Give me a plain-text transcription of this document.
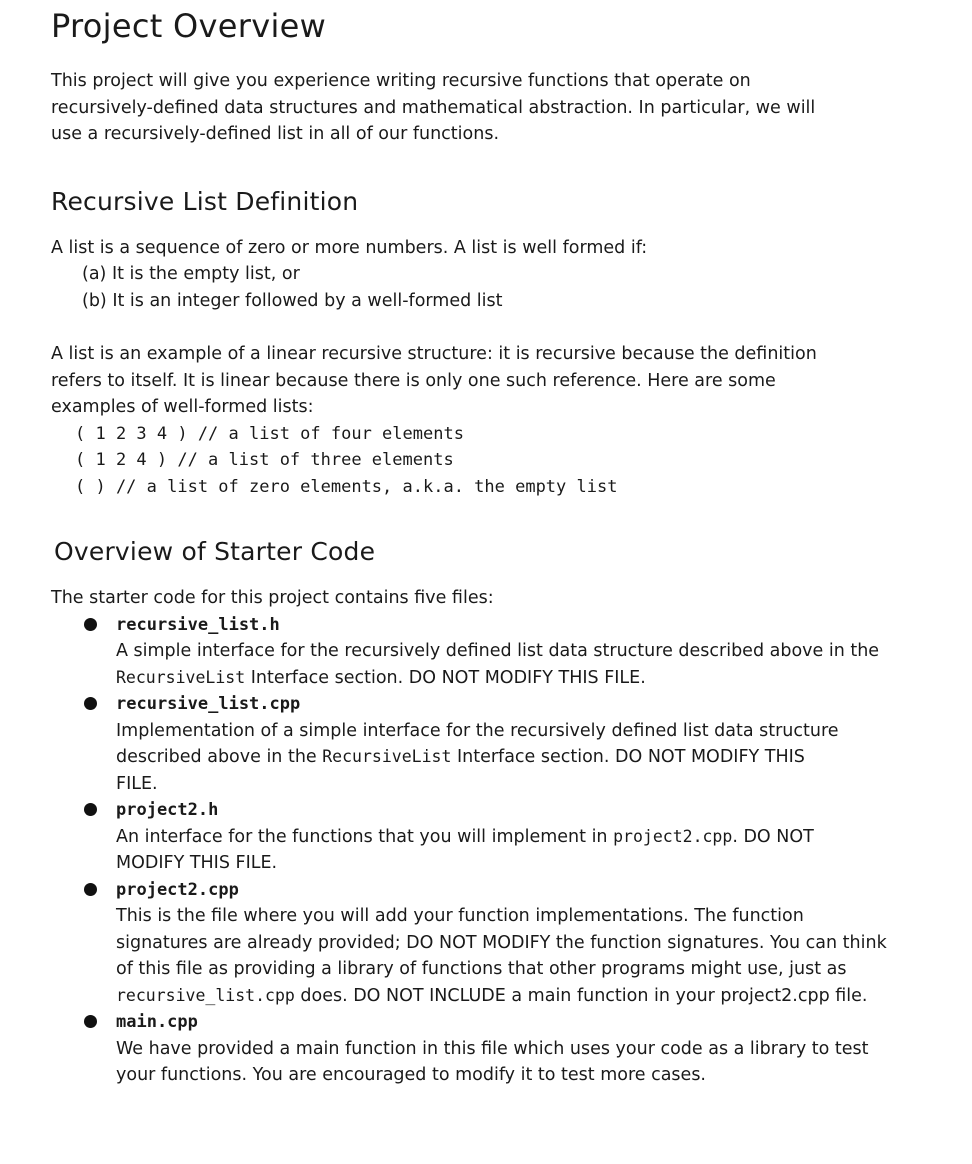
Project Overview

This project will give you experience writing recursive functions that operate on recursively-defined data structures and mathematical abstraction. In particular, we will use a recursively-defined list in all of our functions.

Recursive List Definition

A list is a sequence of zero or more numbers. A list is well formed if:

(a) It is the empty list, or
(b) It is an integer followed by a well-formed list

A list is an example of a linear recursive structure: it is recursive because the definition refers to itself. It is linear because there is only one such reference. Here are some examples of well-formed lists:

( 1 2 3 4 ) // a list of four elements
( 1 2 4 ) // a list of three elements
( ) // a list of zero elements, a.k.a. the empty list
Overview of Starter Code

The starter code for this project contains five files:

recursive_list.h
A simple interface for the recursively defined list data structure described above in the RecursiveList Interface section. DO NOT MODIFY THIS FILE.
recursive_list.cpp
Implementation of a simple interface for the recursively defined list data structure described above in the RecursiveList Interface section. DO NOT MODIFY THIS FILE.
project2.h
An interface for the functions that you will implement in project2.cpp. DO NOT MODIFY THIS FILE.
project2.cpp
This is the file where you will add your function implementations. The function signatures are already provided; DO NOT MODIFY the function signatures. You can think of this file as providing a library of functions that other programs might use, just as recursive_list.cpp does. DO NOT INCLUDE a main function in your project2.cpp file.
main.cpp
We have provided a main function in this file which uses your code as a library to test your functions. You are encouraged to modify it to test more cases.
